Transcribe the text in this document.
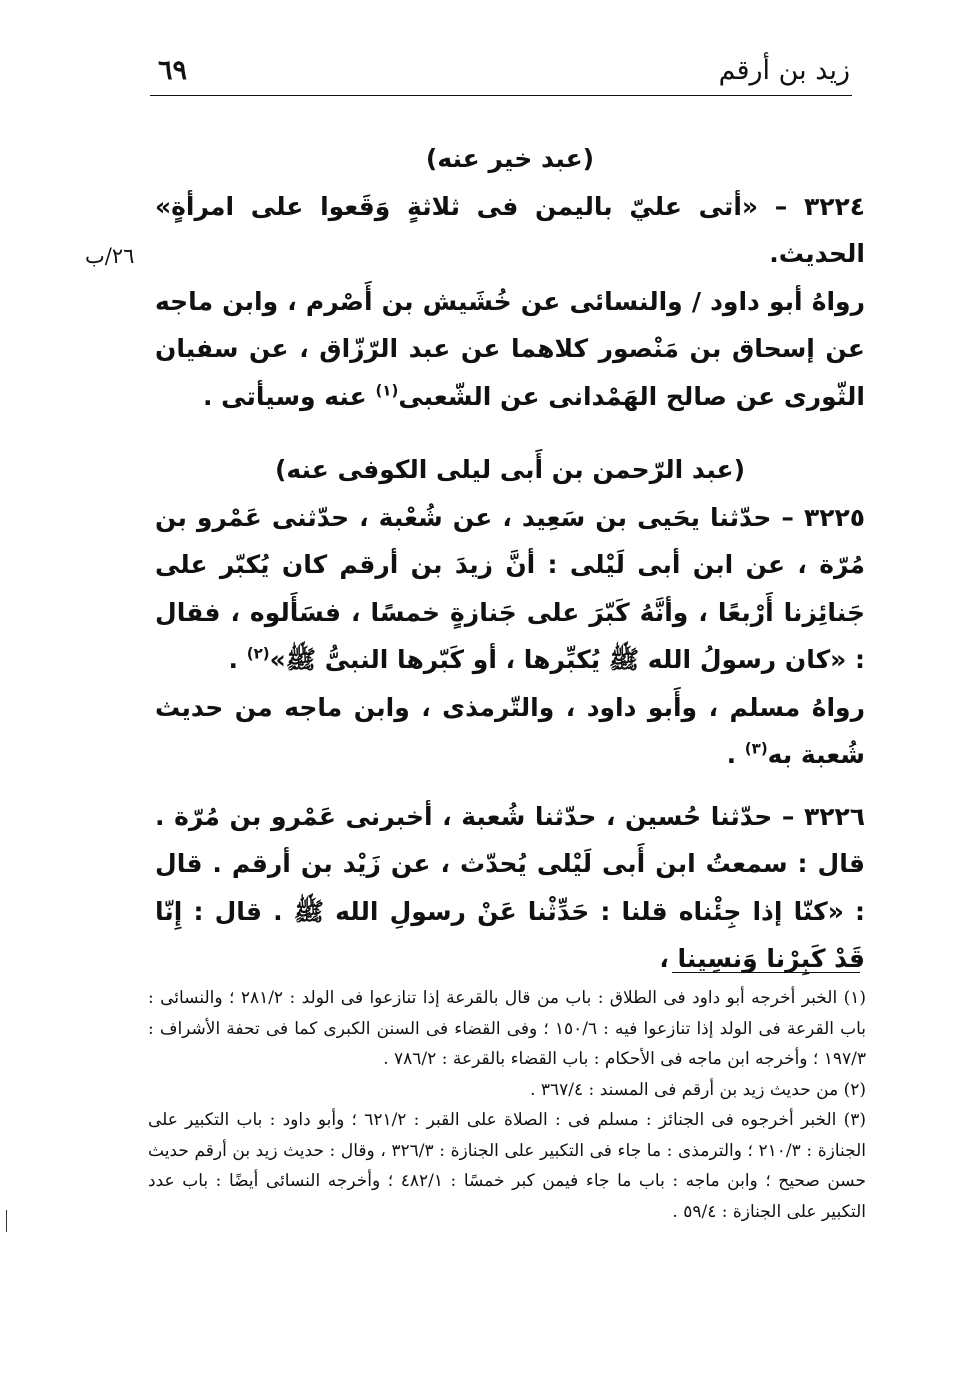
زيد بن أرقم
٦٩
٢٦/ب

(عبد خير عنه)

٣٢٢٤ – «أتى عليّ باليمن فى ثلاثةٍ وَقَعوا على امرأةٍ» الحديث.

رواهُ أبو داود / والنسائى عن خُشَيش بن أَصْرم ، وابن ماجه عن إسحاق بن مَنْصور كلاهما عن عبد الرّزّاق ، عن سفيان الثّورى عن صالح الهَمْدانى عن الشّعبى$^{(١)}$ عنه وسيأتى .

(عبد الرّحمن بن أَبى ليلى الكوفى عنه)

٣٢٢٥ – حدّثنا يحَيى بن سَعِيد ، عن شُعْبة ، حدّثنى عَمْرو بن مُرّة ، عن ابن أبى لَيْلى : أنَّ زيدَ بن أرقم كان يُكبّر على جَنائِزنا أَرْبعًا ، وأنَّهُ كَبّرَ على جَنازةٍ خمسًا ، فسَأَلوه ، فقال : «كان رسولُ الله ﷺ يُكبِّرها ، أو كَبّرها النبىُّ ﷺ»$^{(٢)}$ .

رواهُ مسلم ، وأَبو داود ، والتّرمذى ، وابن ماجه من حديث شُعبة به$^{(٣)}$ .

٣٢٢٦ – حدّثنا حُسين ، حدّثنا شُعبة ، أخبرنى عَمْرو بن مُرّة . قال : سمعتُ ابن أَبى لَيْلى يُحدّث ، عن زَيْد بن أرقم . قال : «كنّا إذا جِئْناه قلنا : حَدِّثْنا عَنْ رسولِ الله ﷺ . قال : إِنّا قَدْ كَبِرْنا وَنسِينا ،

(١) الخبر أخرجه أبو داود فى الطلاق : باب من قال بالقرعة إذا تنازعوا فى الولد : ٢٨١/٢ ؛ والنسائى : باب القرعة فى الولد إذا تنازعوا فيه : ١٥٠/٦ ؛ وفى القضاء فى السنن الكبرى كما فى تحفة الأشراف : ١٩٧/٣ ؛ وأخرجه ابن ماجه فى الأحكام : باب القضاء بالقرعة : ٧٨٦/٢ .

(٢) من حديث زيد بن أرقم فى المسند : ٣٦٧/٤ .

(٣) الخبر أخرجوه فى الجنائز : مسلم فى : الصلاة على القبر : ٦٢١/٢ ؛ وأبو داود : باب التكبير على الجنازة : ٢١٠/٣ ؛ والترمذى : ما جاء فى التكبير على الجنازة : ٣٢٦/٣ ، وقال : حديث زيد بن أرقم حديث حسن صحيح ؛ وابن ماجه : باب ما جاء فيمن كبر خمسًا : ٤٨٢/١ ؛ وأخرجه النسائى أيضًا : باب عدد التكبير على الجنازة : ٥٩/٤ .
